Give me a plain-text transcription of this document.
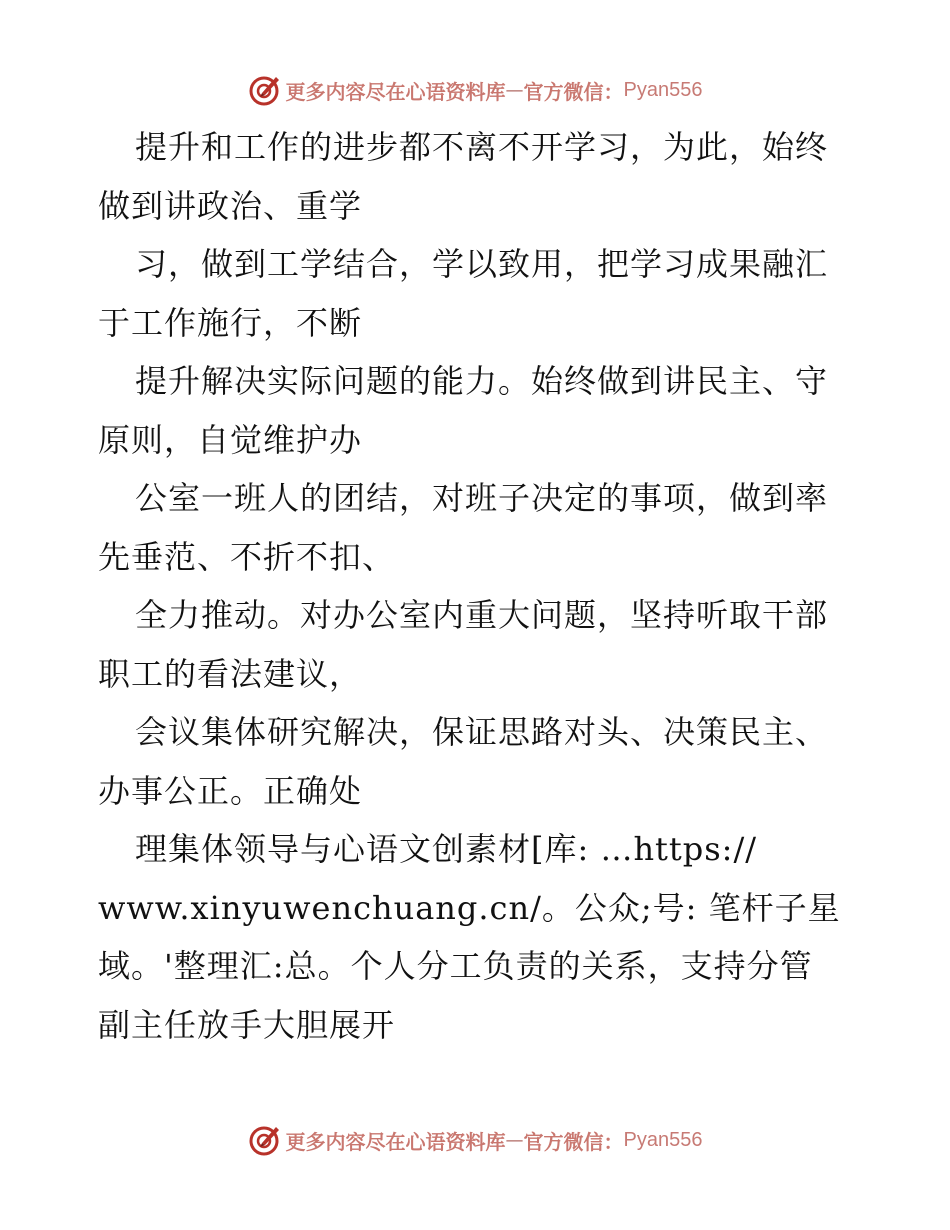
更多内容尽在心语资料库 — 官方微信： Pyan556
提升和工作的进步都不离不开学习，为此，始终
做到讲政治、重学
习，做到工学结合，学以致用，把学习成果融汇
于工作施行，不断
提升解决实际问题的能力。始终做到讲民主、守
原则，自觉维护办
公室一班人的团结，对班子决定的事项，做到率
先垂范、不折不扣、
全力推动。对办公室内重大问题，坚持听取干部
职工的看法建议，
会议集体研究解决，保证思路对头、决策民主、
办事公正。正确处
理集体领导与心语文创素材[库: …https://
www.xinyuwenchuang.cn/。公众;号: 笔杆子星
域。'整理汇:总。个人分工负责的关系，支持分管
副主任放手大胆展开
更多内容尽在心语资料库 — 官方微信： Pyan556
